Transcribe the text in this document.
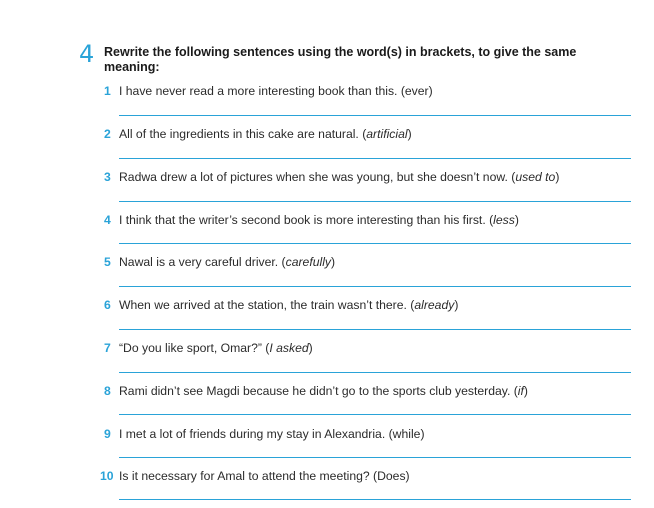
4 Rewrite the following sentences using the word(s) in brackets, to give the same
meaning:
1 I have never read a more interesting book than this. (ever)
2 All of the ingredients in this cake are natural. (artificial)
3 Radwa drew a lot of pictures when she was young, but she doesn’t now. (used to)
4 I think that the writer’s second book is more interesting than his first. (less)
5 Nawal is a very careful driver. (carefully)
6 When we arrived at the station, the train wasn’t there. (already)
7 “Do you like sport, Omar?” (I asked)
8 Rami didn’t see Magdi because he didn’t go to the sports club yesterday. (if)
9 I met a lot of friends during my stay in Alexandria. (while)
10 Is it necessary for Amal to attend the meeting? (Does)
